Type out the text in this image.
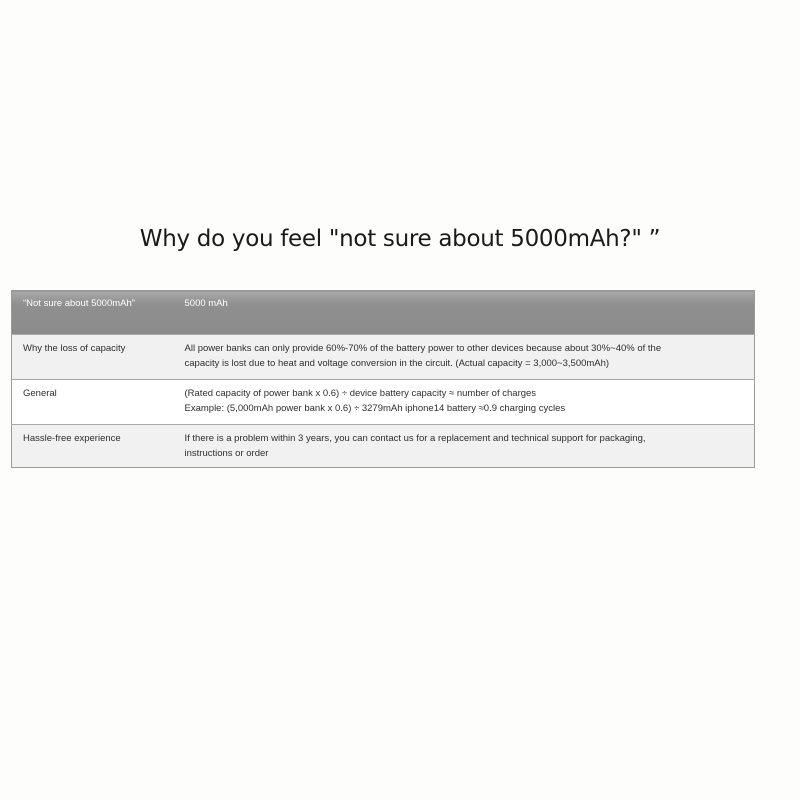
Why do you feel "not sure about 5000mAh?" ”
“Not sure about 5000mAh”	5000 mAh
Why the loss of capacity	All power banks can only provide 60%-70% of the battery power to other devices because about 30%~40% of the
capacity is lost due to heat and voltage conversion in the circuit. (Actual capacity = 3,000~3,500mAh)

General	(Rated capacity of power bank x 0.6) ÷ device battery capacity ≈ number of charges
Example: (5,000mAh power bank x 0.6) ÷ 3279mAh iphone14 battery ≈0.9 charging cycles

Hassle-free experience	If there is a problem within 3 years, you can contact us for a replacement and technical support for packaging,
instructions or order
